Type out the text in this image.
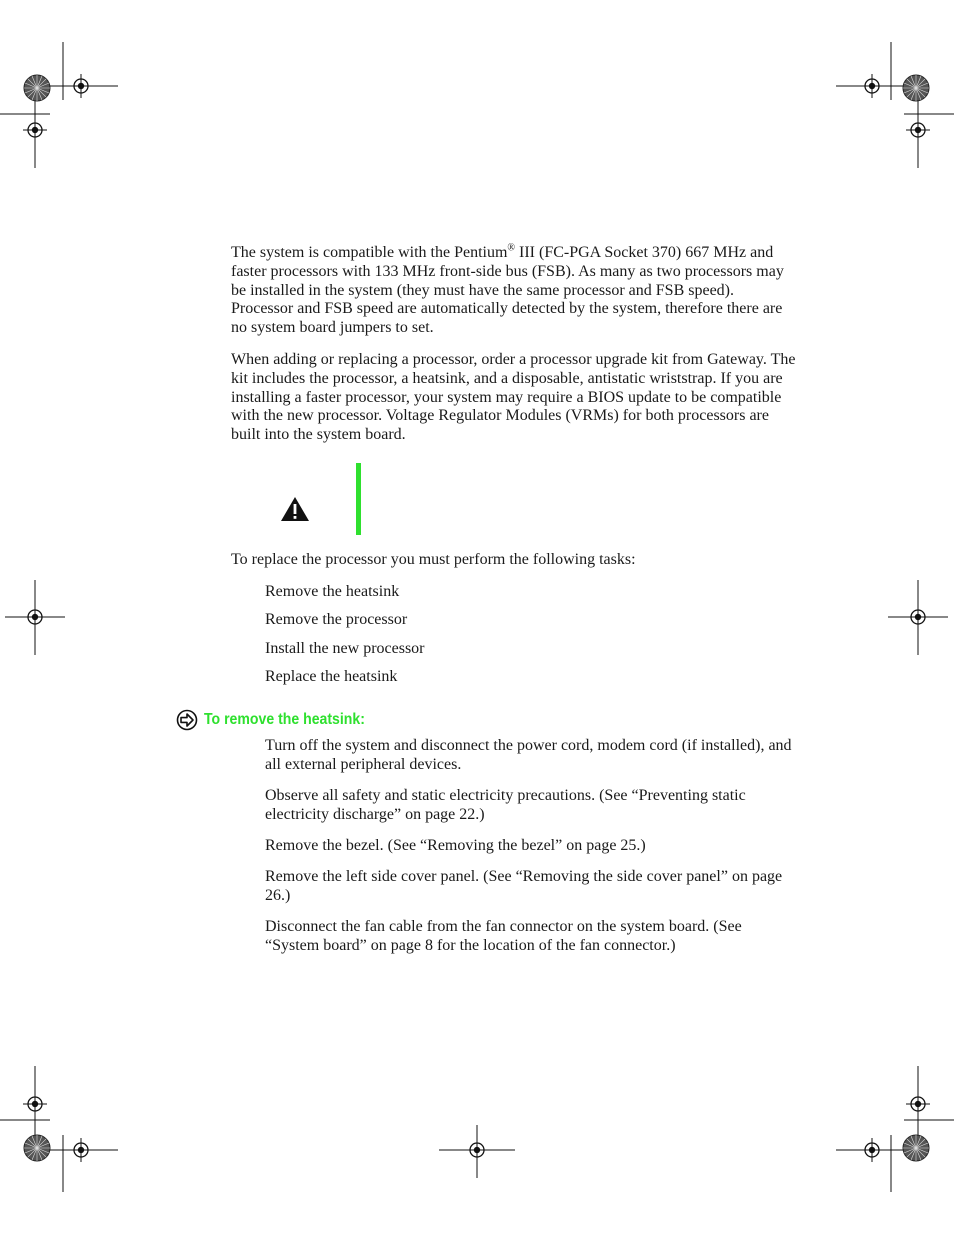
The system is compatible with the Pentium® III (FC-PGA Socket 370) 667 MHz and faster processors with 133 MHz front-side bus (FSB). As many as two processors may be installed in the system (they must have the same processor and FSB speed). Processor and FSB speed are automatically detected by the system, therefore there are no system board jumpers to set.

When adding or replacing a processor, order a processor upgrade kit from Gateway. The kit includes the processor, a heatsink, and a disposable, antistatic wriststrap. If you are installing a faster processor, your system may require a BIOS update to be compatible with the new processor. Voltage Regulator Modules (VRMs) for both processors are built into the system board.

To replace the processor you must perform the following tasks:

Remove the heatsink
Remove the processor
Install the new processor
Replace the heatsink
To remove the heatsink:

Turn off the system and disconnect the power cord, modem cord (if installed), and all external peripheral devices.

Observe all safety and static electricity precautions. (See “Preventing static electricity discharge” on page 22.)

Remove the bezel. (See “Removing the bezel” on page 25.)

Remove the left side cover panel. (See “Removing the side cover panel” on page 26.)

Disconnect the fan cable from the fan connector on the system board. (See “System board” on page 8 for the location of the fan connector.)
